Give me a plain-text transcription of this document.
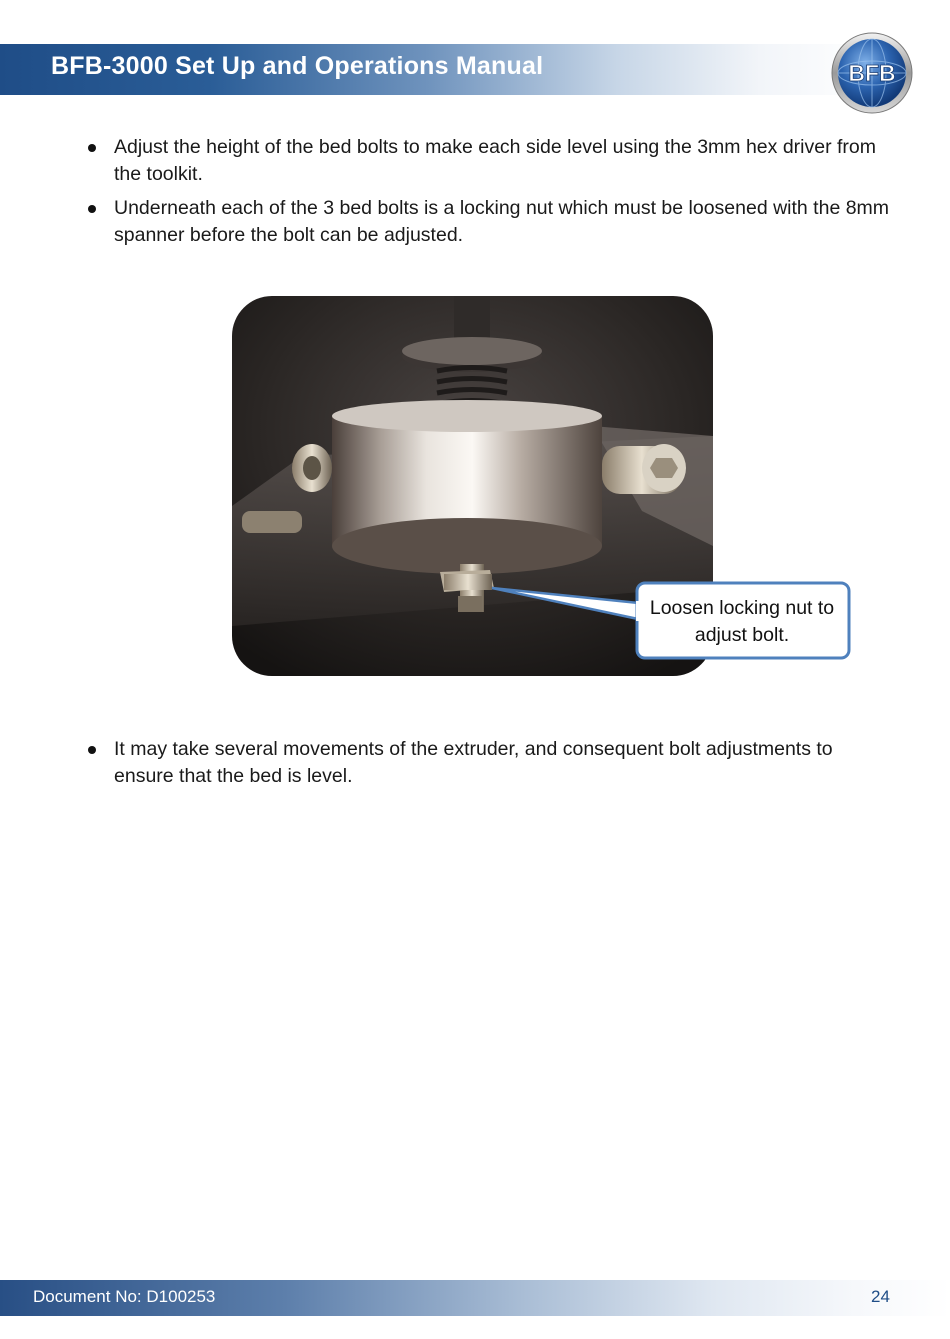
BFB-3000 Set Up and Operations Manual	BFB
Adjust the height of the bed bolts to make each side level using the 3mm hex driver from the toolkit.
Underneath each of the 3 bed bolts is a locking nut which must be loosened with the 8mm spanner before the bolt can be adjusted.
Loosen locking nut to adjust bolt.
It may take several movements of the extruder, and consequent bolt adjustments to ensure that the bed is level.
Document No: D100253	24
